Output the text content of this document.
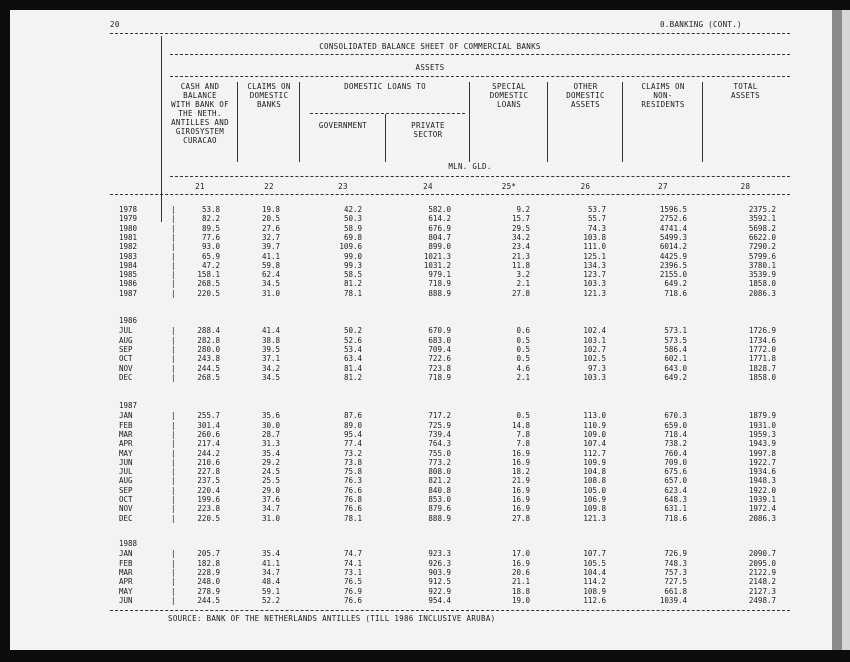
20	0.BANKING (CONT.)
CONSOLIDATED BALANCE SHEET OF COMMERCIAL BANKS
ASSETS
CASH AND
BALANCE
WITH BANK OF
THE NETH.
ANTILLES AND
GIROSYSTEM
CURACAO
CLAIMS ON
DOMESTIC
BANKS
DOMESTIC LOANS TO
GOVERNMENT	PRIVATE
SECTOR
SPECIAL
DOMESTIC
LOANS
OTHER
DOMESTIC
ASSETS
CLAIMS ON
NON-
RESIDENTS
TOTAL
ASSETS
MLN. GLD.
21	22	23	24	25*	26	27	28
1978	|	53.8	19.8	42.2	582.0	9.2	53.7	1596.5	2375.2
1979	|	82.2	20.5	50.3	614.2	15.7	55.7	2752.6	3592.1
1980	|	89.5	27.6	58.9	676.9	29.5	74.3	4741.4	5698.2
1981	|	77.6	32.7	69.8	804.7	34.2	103.8	5499.3	6622.0
1982	|	93.0	39.7	109.6	899.0	23.4	111.0	6014.2	7290.2
1983	|	65.9	41.1	99.0	1021.3	21.3	125.1	4425.9	5799.6
1984	|	47.2	59.8	99.3	1031.2	11.8	134.3	2396.5	3780.1
1985	|	158.1	62.4	58.5	979.1	3.2	123.7	2155.0	3539.9
1986	|	268.5	34.5	81.2	718.9	2.1	103.3	649.2	1858.0
1987	|	220.5	31.0	78.1	888.9	27.8	121.3	718.6	2086.3
1986
JUL	|	288.4	41.4	50.2	670.9	0.6	102.4	573.1	1726.9
AUG	|	282.8	38.8	52.6	683.0	0.5	103.1	573.5	1734.6
SEP	|	280.0	39.5	53.4	709.4	0.5	102.7	586.4	1772.0
OCT	|	243.8	37.1	63.4	722.6	0.5	102.5	602.1	1771.8
NOV	|	244.5	34.2	81.4	723.8	4.6	97.3	643.0	1828.7
DEC	|	268.5	34.5	81.2	718.9	2.1	103.3	649.2	1858.0
1987
JAN	|	255.7	35.6	87.6	717.2	0.5	113.0	670.3	1879.9
FEB	|	301.4	30.0	89.0	725.9	14.8	110.9	659.0	1931.0
MAR	|	260.6	28.7	95.4	739.4	7.8	109.0	718.4	1959.3
APR	|	217.4	31.3	77.4	764.3	7.8	107.4	738.2	1943.9
MAY	|	244.2	35.4	73.2	755.0	16.9	112.7	760.4	1997.8
JUN	|	210.6	29.2	73.8	773.2	16.9	109.9	709.0	1922.7
JUL	|	227.8	24.5	75.8	808.0	18.2	104.8	675.6	1934.6
AUG	|	237.5	25.5	76.3	821.2	21.9	108.8	657.0	1948.3
SEP	|	220.4	29.0	76.6	840.8	16.9	105.0	623.4	1922.0
OCT	|	199.6	37.6	76.8	853.0	16.9	106.9	648.3	1939.1
NOV	|	223.8	34.7	76.6	879.6	16.9	109.8	631.1	1972.4
DEC	|	220.5	31.0	78.1	888.9	27.8	121.3	718.6	2086.3
1988
JAN	|	205.7	35.4	74.7	923.3	17.0	107.7	726.9	2090.7
FEB	|	182.8	41.1	74.1	926.3	16.9	105.5	748.3	2095.0
MAR	|	228.9	34.7	73.1	903.9	20.6	104.4	757.3	2122.9
APR	|	248.0	48.4	76.5	912.5	21.1	114.2	727.5	2148.2
MAY	|	278.9	59.1	76.9	922.9	18.8	108.9	661.8	2127.3
JUN	|	244.5	52.2	76.6	954.4	19.0	112.6	1039.4	2498.7
SOURCE: BANK OF THE NETHERLANDS ANTILLES (TILL 1986 INCLUSIVE ARUBA)
